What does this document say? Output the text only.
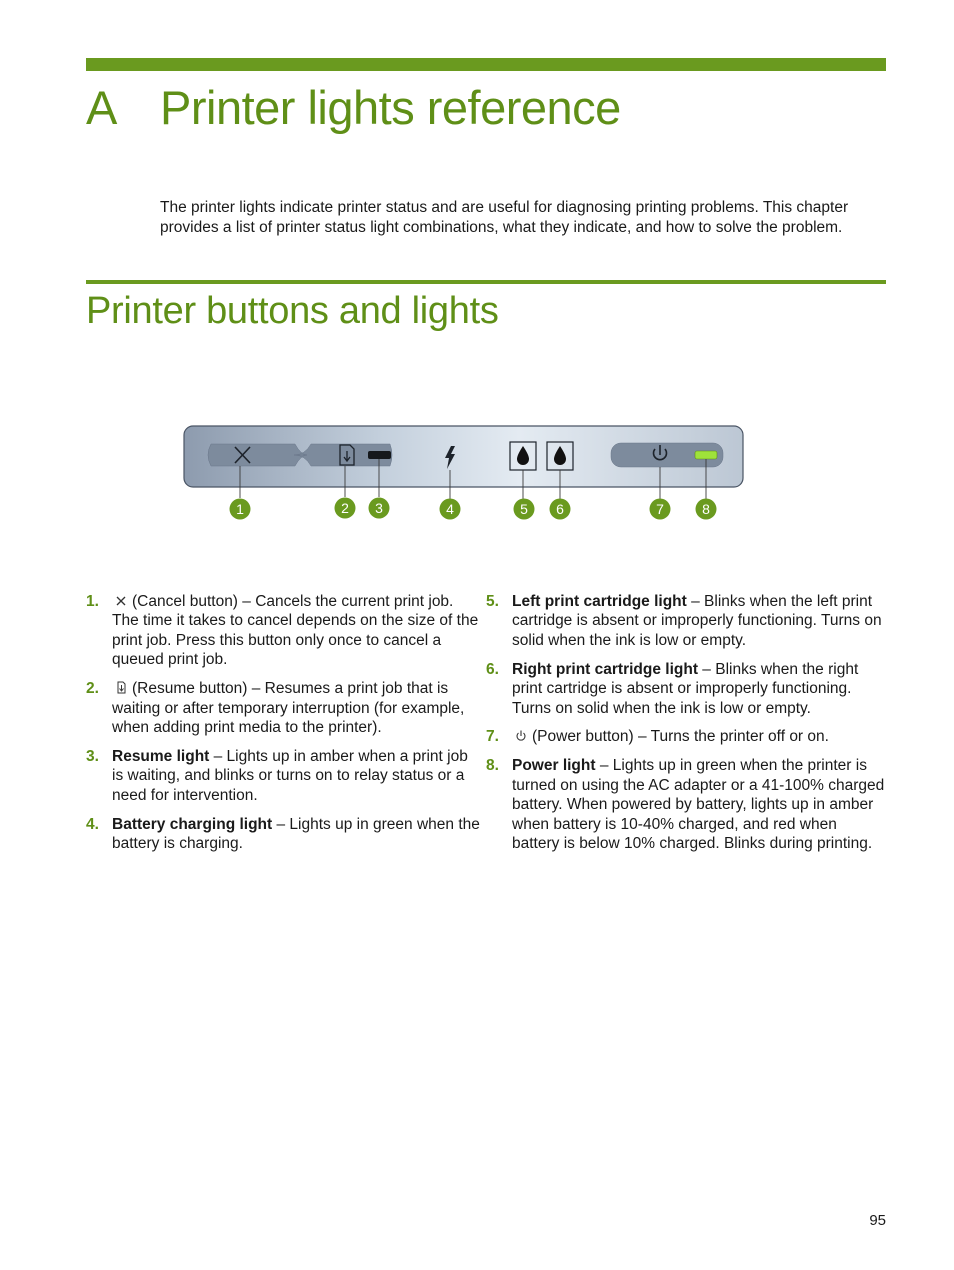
A Printer lights reference

The printer lights indicate printer status and are useful for diagnosing printing problems. This chapter provides a list of printer status light combinations, what they indicate, and how to solve the problem.

Printer buttons and lights
1	2 3	4	5 6	7	8
1. (Cancel button) – Cancels the current print job. The time it takes to cancel depends on the size of the print job. Press this button only once to cancel a queued print job.
2. (Resume button) – Resumes a print job that is waiting or after temporary interruption (for example, when adding print media to the printer).
3. Resume light – Lights up in amber when a print job is waiting, and blinks or turns on to relay status or a need for intervention.
4. Battery charging light – Lights up in green when the battery is charging.
5. Left print cartridge light – Blinks when the left print cartridge is absent or improperly functioning. Turns on solid when the ink is low or empty.
6. Right print cartridge light – Blinks when the right print cartridge is absent or improperly functioning. Turns on solid when the ink is low or empty.
7. (Power button) – Turns the printer off or on.
8. Power light – Lights up in green when the printer is turned on using the AC adapter or a 41-100% charged battery. When powered by battery, lights up in amber when battery is 10-40% charged, and red when battery is below 10% charged. Blinks during printing.
95
